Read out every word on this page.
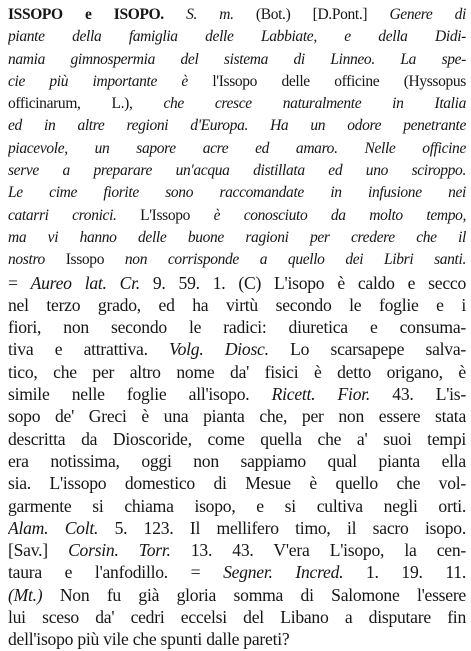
ISSOPO e ISOPO. S. m. (Bot.) [D.Pont.] Genere di
piante della famiglia delle Labbiate, e della Didi-
namia gimnospermia del sistema di Linneo. La spe-
cie più importante è l'Issopo delle officine (Hyssopus
officinarum, L.), che cresce naturalmente in Italia
ed in altre regioni d'Europa. Ha un odore penetrante
piacevole, un sapore acre ed amaro. Nelle officine
serve a preparare un'acqua distillata ed uno sciroppo.
Le cime fiorite sono raccomandate in infusione nei
catarri cronici. L'Issopo è conosciuto da molto tempo,
ma vi hanno delle buone ragioni per credere che il
nostro Issopo non corrisponde a quello dei Libri santi.
= Aureo lat. Cr. 9. 59. 1. (C) L'isopo è caldo e secco
nel terzo grado, ed ha virtù secondo le foglie e i
fiori, non secondo le radici: diuretica e consuma-
tiva e attrattiva. Volg. Diosc. Lo scarsapepe salva-
tico, che per altro nome da' fisici è detto origano, è
simile nelle foglie all'isopo. Ricett. Fior. 43. L'is-
sopo de' Greci è una pianta che, per non essere stata
descritta da Dioscoride, come quella che a' suoi tempi
era notissima, oggi non sappiamo qual pianta ella
sia. L'issopo domestico di Mesue è quello che vol-
garmente si chiama isopo, e si cultiva negli orti.
Alam. Colt. 5. 123. Il mellifero timo, il sacro isopo.
[Sav.] Corsin. Torr. 13. 43. V'era L'isopo, la cen-
taura e l'anfodillo. = Segner. Incred. 1. 19. 11.
(Mt.) Non fu già gloria somma di Salomone l'essere
lui sceso da' cedri eccelsi del Libano a disputare fin
dell'isopo più vile che spunti dalle pareti?
